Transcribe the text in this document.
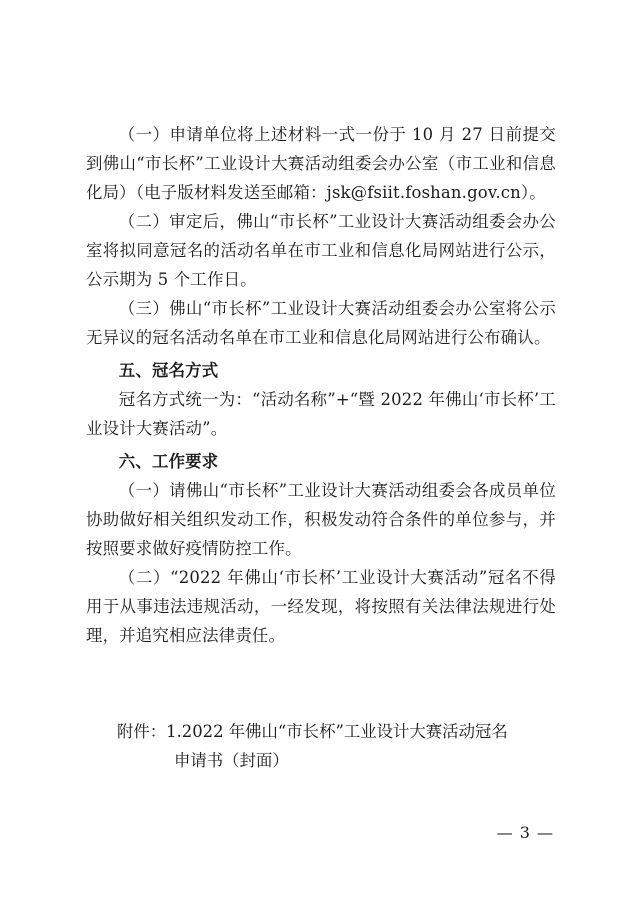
（一）申请单位将上述材料一式一份于 10 月 27 日前提交到佛山“市长杯”工业设计大赛活动组委会办公室（市工业和信息化局）（电子版材料发送至邮箱：jsk@fsiit.foshan.gov.cn）。

（二）审定后，佛山“市长杯”工业设计大赛活动组委会办公室将拟同意冠名的活动名单在市工业和信息化局网站进行公示，公示期为 5 个工作日。

（三）佛山“市长杯”工业设计大赛活动组委会办公室将公示无异议的冠名活动名单在市工业和信息化局网站进行公布确认。

五、冠名方式

冠名方式统一为：“活动名称”+“暨 2022 年佛山‘市长杯’工业设计大赛活动”。

六、工作要求

（一）请佛山“市长杯”工业设计大赛活动组委会各成员单位协助做好相关组织发动工作，积极发动符合条件的单位参与，并按照要求做好疫情防控工作。

（二）“2022 年佛山‘市长杯’工业设计大赛活动”冠名不得用于从事违法违规活动，一经发现，将按照有关法律法规进行处理，并追究相应法律责任。

附件：1.2022 年佛山“市长杯”工业设计大赛活动冠名
申请书（封面）
— 3 —
